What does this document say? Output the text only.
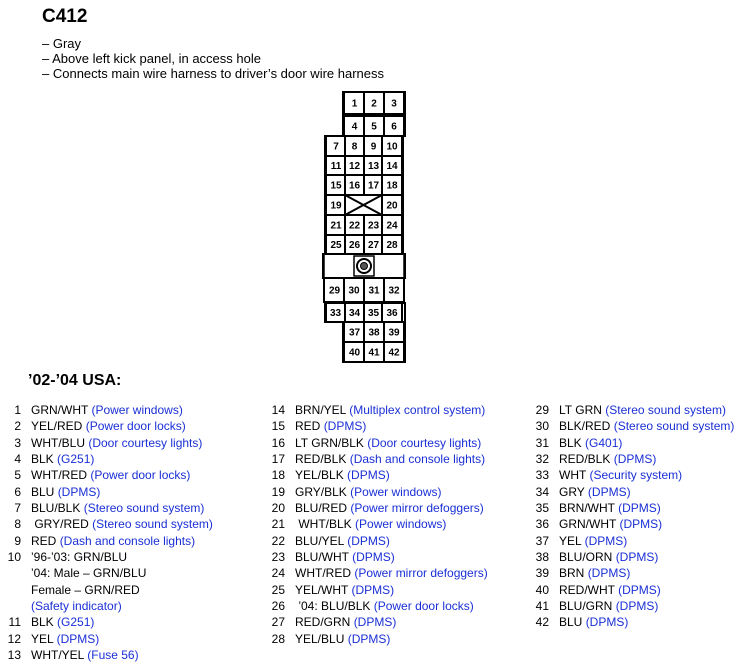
C412
– Gray
– Above left kick panel, in access hole
– Connects main wire harness to driver’s door wire harness
1 2 3
4 5 6
7 8 9 10
11 12 13 14
15 16 17 18
19	20
21 22 23 24
25 26 27 28
29 30 31 32
33 34 35 36
37 38 39
40 41 42
’02-’04 USA:
1 GRN/WHT (Power windows)
2 YEL/RED (Power door locks)
3 WHT/BLU (Door courtesy lights)
4 BLK (G251)
5 WHT/RED (Power door locks)
6 BLU (DPMS)
7 BLU/BLK (Stereo sound system)
8 GRY/RED (Stereo sound system)
9 RED (Dash and console lights)
10 ’96-’03: GRN/BLU
’04: Male – GRN/BLU
Female – GRN/RED
(Safety indicator)
11 BLK (G251)
12 YEL (DPMS)
13 WHT/YEL (Fuse 56)
14 BRN/YEL (Multiplex control system)
15 RED (DPMS)
16 LT GRN/BLK (Door courtesy lights)
17 RED/BLK (Dash and console lights)
18 YEL/BLK (DPMS)
19 GRY/BLK (Power windows)
20 BLU/RED (Power mirror defoggers)
21 WHT/BLK (Power windows)
22 BLU/YEL (DPMS)
23 BLU/WHT (DPMS)
24 WHT/RED (Power mirror defoggers)
25 YEL/WHT (DPMS)
26 ’04: BLU/BLK (Power door locks)
27 RED/GRN (DPMS)
28 YEL/BLU (DPMS)
29 LT GRN (Stereo sound system)
30 BLK/RED (Stereo sound system)
31 BLK (G401)
32 RED/BLK (DPMS)
33 WHT (Security system)
34 GRY (DPMS)
35 BRN/WHT (DPMS)
36 GRN/WHT (DPMS)
37 YEL (DPMS)
38 BLU/ORN (DPMS)
39 BRN (DPMS)
40 RED/WHT (DPMS)
41 BLU/GRN (DPMS)
42 BLU (DPMS)
